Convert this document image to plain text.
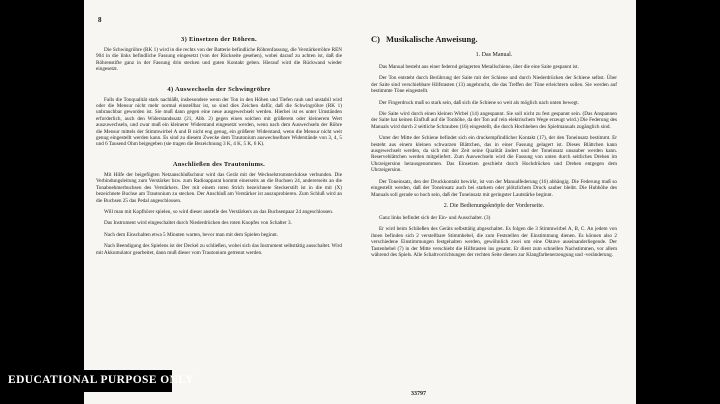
8
3) Einsetzen der Röhren.

Die Schwingröhre (RK 1) wird in die rechts von der Batterie befindliche Röhrenfassung, die Verstärkerröhre REN 904 in die links befindliche Fassung eingesetzt (von der Rückseite gesehen), wobei darauf zu achten ist, daß die Röhrenstifte ganz in der Fassung drin stecken und guten Kontakt geben. Hierauf wird die Rückwand wieder eingesetzt.

4) Auswechseln der Schwingröhre

Falls die Tonqualität stark nachläßt, insbesondere wenn der Ton in den Höhen und Tiefen rauh und unstabil wird oder die Mensur nicht mehr normal einstellbar ist, so sind dies Zeichen dafür, daß die Schwingröhre (RK 1) unbrauchbar geworden ist. Sie muß dann gegen eine neue ausgewechselt werden. Hierbei ist es unter Umständen erforderlich, auch den Widerstandssatz (21, Abb. 2) gegen einen solchen mit größerem oder kleinerem Wert auszuwechseln, und zwar muß ein kleinerer Widerstand eingesetzt werden, wenn nach dem Auswechseln der Röhre die Mensur mittels der Stimmwirbel A und B nicht eng genug, ein größerer Widerstand, wenn die Mensur nicht weit genug eingestellt werden kann. Es sind zu diesem Zwecke dem Trautonium auswechselbare Widerstände von 3, 4, 5 und 6 Tausend Ohm beigegeben (sie tragen die Bezeichnung 3 K, 4 K, 5 K, 6 K).

Anschließen des Trautoniums.

Mit Hilfe der beigefügten Netzanschlußschnur wird das Gerät mit der Wechselstromsteckdose verbunden. Die Verbindungsleitung zum Verstärker bzw. zum Radioapparat kommt einerseits an die Buchsen 24, andererseits an die Tonabnehmerbuchsen des Verstärkers. Der mit einem roten Strich bezeichnete Steckerstift ist in die mit (X) bezeichnete Buchse am Trautonium zu stecken. Der Anschluß am Verstärker ist auszuprobieren. Zum Schluß wird an die Buchsen 25 das Pedal angeschlossen.

Will man mit Kopfhörer spielen, so wird dieser anstelle des Verstärkers an das Buchsenpaar 24 angeschlossen.

Das Instrument wird eingeschaltet durch Niederdrücken des roten Knopfes von Schalter 3.

Nach dem Einschalten etwa 5 Minuten warten, bevor man mit dem Spielen beginnt.

Nach Beendigung des Spielens ist der Deckel zu schließen, wobei sich das Instrument selbsttätig ausschaltet. Wird mit Akkumulator gearbeitet, dann muß dieser vom Trautonium getrennt werden.

C) Musikalische Anweisung.
1. Das Manual.

Das Manual besteht aus einer federnd gelagerten Metallschiene, über die eine Saite gespannt ist.

Der Ton entsteht durch Berührung der Saite mit der Schiene und durch Niederdrücken der Schiene selbst. Über der Saite sind verschiebbare Hilfstasten (13) angebracht, die das Treffen der Töne erleichtern sollen. Sie werden auf bestimmte Töne eingestellt.

Der Fingerdruck muß so stark sein, daß sich die Schiene so weit als möglich nach unten bewegt.

Die Saite wird durch einen kleinen Wirbel (14) angespannt. Sie soll nicht zu fest gespannt sein. (Das Anspannen der Saite hat keinen Einfluß auf die Tonhöhe, da der Ton auf rein elektrischem Wege erzeugt wird.) Die Federung des Manuals wird durch 2 seitliche Schrauben (16) eingestellt, die durch Hochheben des Spielmanuals zugänglich sind.

Unter der Mitte der Schiene befindet sich ein druckempfindlicher Kontakt (17), der den Toneinsatz bestimmt. Er besteht aus einem kleinen schwarzen Blättchen, das in einer Fassung gelagert ist. Dieses Blättchen kann ausgewechselt werden, da sich mit der Zeit seine Qualität ändert und der Toneinsatz unsauber werden kann. Reserveblättchen werden mitgeliefert. Zum Auswechseln wird die Fassung von unten durch seitliches Drehen im Uhrzeigersinn herausgenommen. Das Einsetzen geschieht durch Hochdrücken und Drehen entgegen dem Uhrzeigersinn.

Der Toneinsatz, den der Druckkontakt bewirkt, ist von der Manualfederung (16) abhängig. Die Federung muß so eingestellt werden, daß der Toneinsatz auch bei starkem oder plötzlichem Druck sauber bleibt. Die Hubhöhe des Manuals soll gerade so hoch sein, daß der Toneinsatz mit geringster Lautstärke beginnt.

2. Die Bedienungsknöpfe der Vorderseite.

Ganz links befindet sich der Ein- und Ausschalter. (3)

Er wird beim Schließen des Geräts selbsttätig abgeschaltet. Es folgen die 3 Stimmwirbel A, B, C. An jedem von ihnen befinden sich 2 verstellbare Stimmhebel, die zum Feststellen der Einstimmung dienen. Es können also 2 verschiedene Einstimmungen festgehalten werden, gewöhnlich zwei um eine Oktave auseinanderliegende. Der Tastenhebel (7) in der Mitte verschiebt die Hilfstasten ins gesamt. Er dient zum schnellen Nachstimmen, vor allem während des Spiels. Alle Schaltvorrichtungen der rechten Seite dienen zur Klangfarbenerzeugung und -veränderung.

33797
EDUCATIONAL PURPOSE ONLY
